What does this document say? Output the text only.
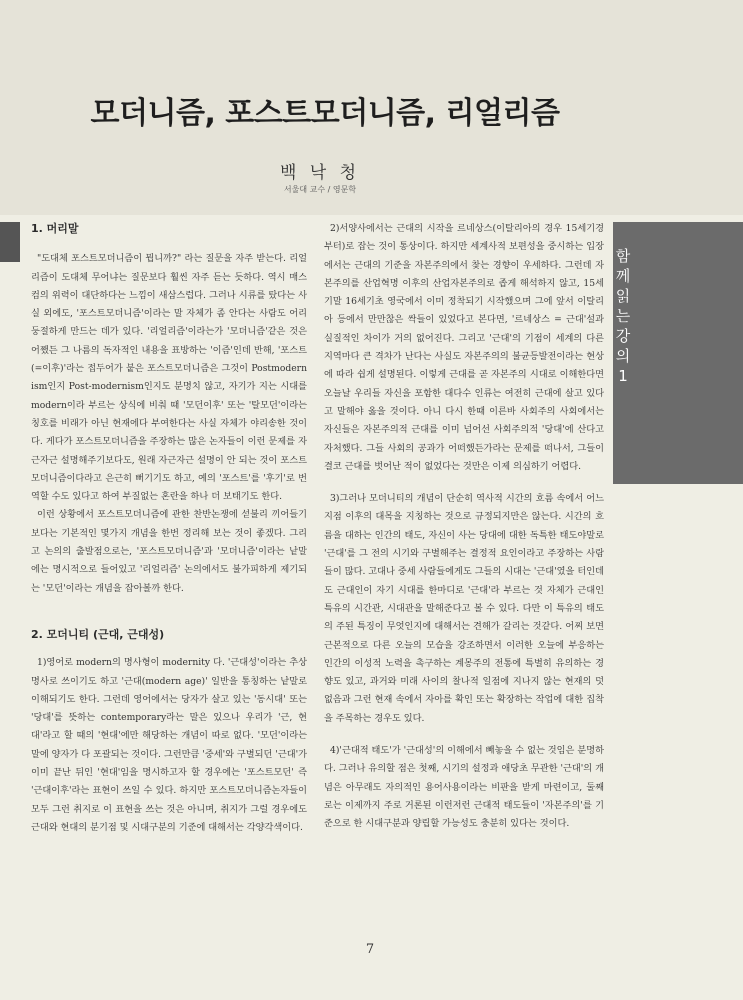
모더니즘, 포스트모더니즘, 리얼리즘
백 낙 청
서울대 교수 / 영문학
함께 읽는 강의 1
1. 머리말

"도대체 포스트모더니즘이 뭡니까?" 라는 질문을 자주 받는다. 리얼리즘이 도대체 무어냐는 질문보다 훨씬 자주 듣는 듯하다. 역시 매스컴의 위력이 대단하다는 느낌이 새삼스럽다. 그러나 시류를 탔다는 사실 외에도, '포스트모더니즘'이라는 말 자체가 좀 안다는 사람도 어리둥절하게 만드는 데가 있다. '리얼리즘'이라는가 '모더니즘'같은 것은 어쨌든 그 나름의 독자적인 내용을 표방하는 '이즘'인데 반해, '포스트(=이후)'라는 접두어가 붙은 포스트모더니즘은 그것이 Postmodern ism인지 Post-modernism인지도 분명치 않고, 자기가 지는 시대를 modern이라 부르는 상식에 비춰 때 '모던이후' 또는 '탈모던'이라는 칭호를 비래가 아닌 현재에다 부여한다는 사실 자체가 야리송한 것이다. 게다가 포스트모더니즘을 주장하는 많은 논자들이 이런 문제를 자근자근 설명해주기보다도, 원래 자근자근 설명이 안 되는 것이 포스트모더니즘이다라고 은근히 뻐기기도 하고, 예의 '포스트'를 '후기'로 번역할 수도 있다고 하여 부질없는 혼란을 하나 더 보태기도 한다.

이런 상황에서 포스트모더니즘에 관한 찬반논쟁에 섣불리 끼어들기 보다는 기본적인 몇가지 개념을 한번 정리해 보는 것이 좋겠다. 그리고 논의의 출발점으로는, '포스트모더니즘'과 '모더니즘'이라는 낱말에는 명시적으로 들어있고 '리얼리즘' 논의에서도 불가피하게 제기되는 '모던'이라는 개념을 잡아볼까 한다.

2. 모더니티 (근대, 근대성)

1)영어로 modern의 명사형이 modernity 다. '근대성'이라는 추상명사로 쓰이기도 하고 '근대(modern age)' 일반을 통칭하는 낱말로 이해되기도 한다. 그런데 영어에서는 당자가 살고 있는 '동시대' 또는 '당대'를 뜻하는 contemporary라는 말은 있으나 우리가 '근, 현대'라고 할 때의 '현대'에만 해당하는 개념이 따로 없다. '모던'이라는 말에 양자가 다 포괄되는 것이다. 그런만큼 '중세'와 구별되던 '근대'가 이미 끝난 뒤인 '현대'임을 명시하고자 할 경우에는 '포스트모던' 즉 '근대이후'라는 표현이 쓰일 수 있다. 하지만 포스트모더니즘논자들이 모두 그런 취지로 이 표현을 쓰는 것은 아니며, 취지가 그럴 경우에도 근대와 현대의 분기점 및 시대구분의 기준에 대해서는 각양각색이다.

2)서양사에서는 근대의 시작을 르네상스(이탈리아의 경우 15세기경부터)로 잡는 것이 통상이다. 하지만 세계사적 보편성을 중시하는 입장에서는 근대의 기준을 자본주의에서 찾는 경향이 우세하다. 그런데 자본주의를 산업혁명 이후의 산업자본주의로 좁게 해석하지 않고, 15세기말 16세기초 영국에서 이미 정착되기 시작했으며 그에 앞서 이탈리아 등에서 만만찮은 싹들이 있었다고 본다면, '르네상스 = 근대'설과 실질적인 차이가 거의 없어진다. 그리고 '근대'의 기점이 세계의 다른 지역마다 큰 격차가 난다는 사실도 자본주의의 불균등발전이라는 현상에 따라 쉽게 설명된다. 이렇게 근대를 곧 자본주의 시대로 이해한다면 오늘날 우리들 자신을 포함한 대다수 인류는 여전히 근대에 살고 있다고 말해야 옳을 것이다. 아니 다시 한때 이른바 사회주의 사회에서는 자신들은 자본주의적 근대를 이미 넘어선 사회주의적 '당대'에 산다고 자처했다. 그들 사회의 공과가 어떠했든가라는 문제를 떠나서, 그들이 결코 근대를 벗어난 적이 없었다는 것만은 이제 의심하기 어렵다.

3)그러나 모더니티의 개념이 단순히 역사적 시간의 흐름 속에서 어느 지점 이후의 대목을 지칭하는 것으로 규정되지만은 않는다. 시간의 흐름을 대하는 인간의 태도, 자신이 사는 당대에 대한 독특한 태도야말로 '근대'를 그 전의 시기와 구별해주는 결정적 요인이라고 주장하는 사람들이 많다. 고대나 중세 사람들에게도 그들의 시대는 '근대'였을 터인데도 근대인이 자기 시대를 한마디로 '근대'라 부르는 것 자체가 근대인 특유의 시간관, 시대관을 말해준다고 볼 수 있다. 다만 이 특유의 태도의 주된 특징이 무엇인지에 대해서는 견해가 갈리는 것같다. 어찌 보면 근본적으로 다른 오늘의 모습을 강조하면서 이러한 오늘에 부응하는 인간의 이성적 노력을 촉구하는 계몽주의 전통에 특별히 유의하는 경향도 있고, 과거와 미래 사이의 찰나적 일점에 지나지 않는 현재의 덧없음과 그런 현재 속에서 자아를 확인 또는 확장하는 작업에 대한 집착을 주목하는 경우도 있다.

4)'근대적 태도'가 '근대성'의 이해에서 빼놓을 수 없는 것임은 분명하다. 그러나 유의할 점은 첫째, 시기의 설정과 애당초 무관한 '근대'의 개념은 아무래도 자의적인 용어사용이라는 비판을 받게 마련이고, 둘째로는 이제까지 주로 거론된 이런저런 근대적 태도들이 '자본주의'를 기준으로 한 시대구분과 양립할 가능성도 충분히 있다는 것이다.

7
